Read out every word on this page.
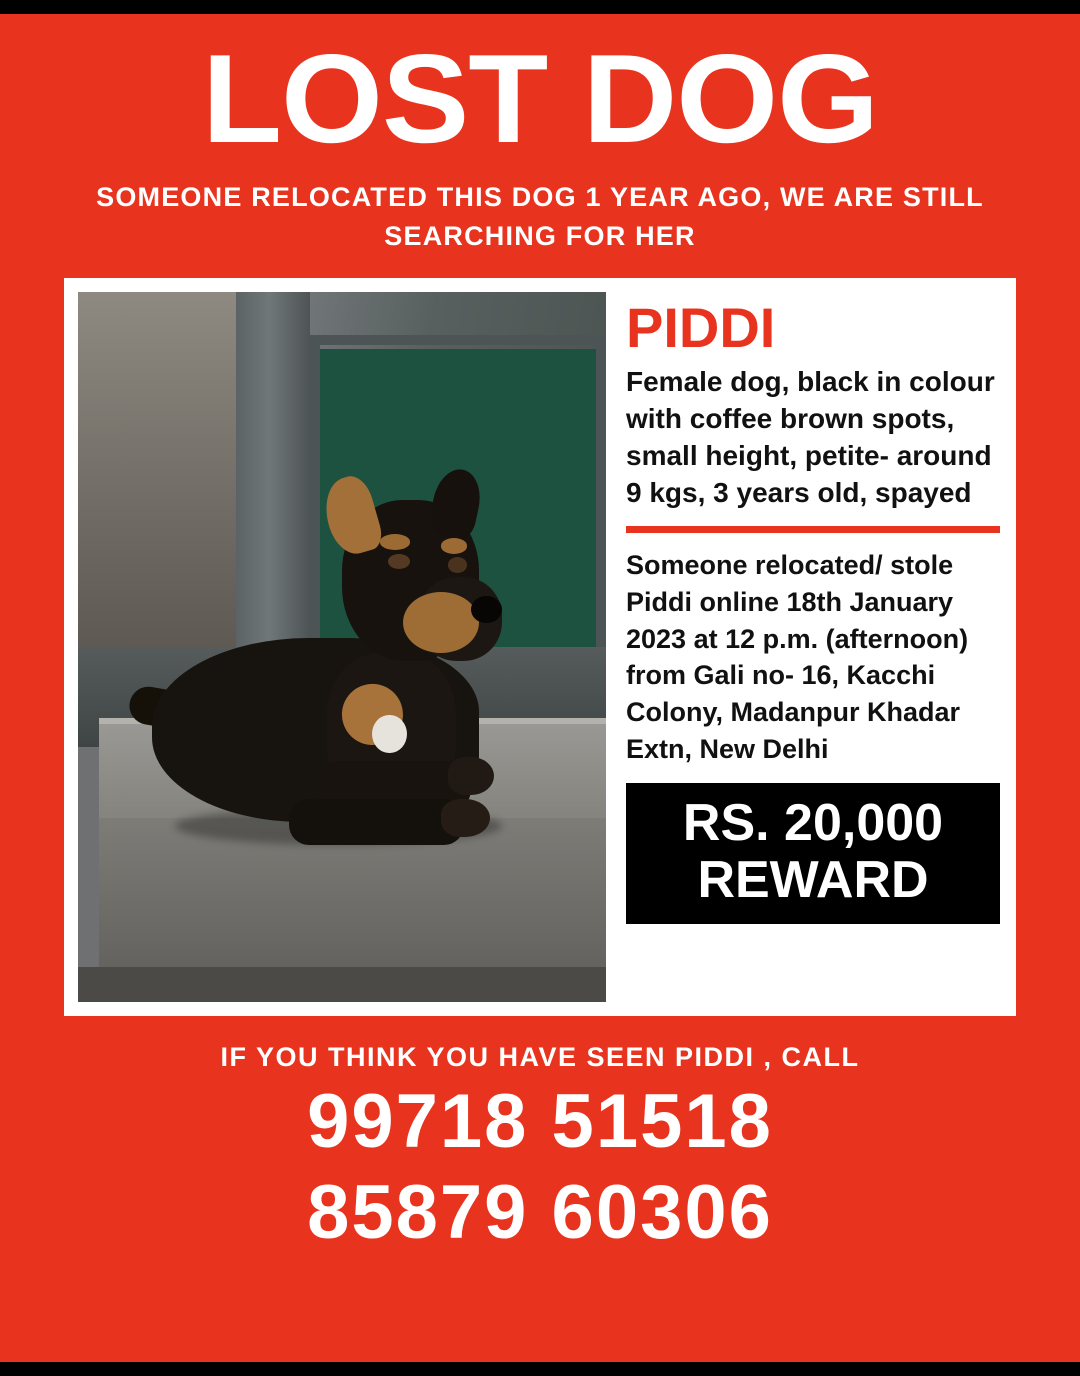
LOST DOG
SOMEONE RELOCATED THIS DOG 1 YEAR AGO, WE ARE STILL SEARCHING FOR HER
PIDDI
Female dog, black in colour with coffee brown spots, small height, petite- around 9 kgs, 3 years old, spayed
Someone relocated/ stole Piddi online 18th January 2023 at 12 p.m. (afternoon) from Gali no- 16, Kacchi Colony, Madanpur Khadar Extn, New Delhi
RS. 20,000
REWARD
IF YOU THINK YOU HAVE SEEN PIDDI , CALL
99718 51518
85879 60306
